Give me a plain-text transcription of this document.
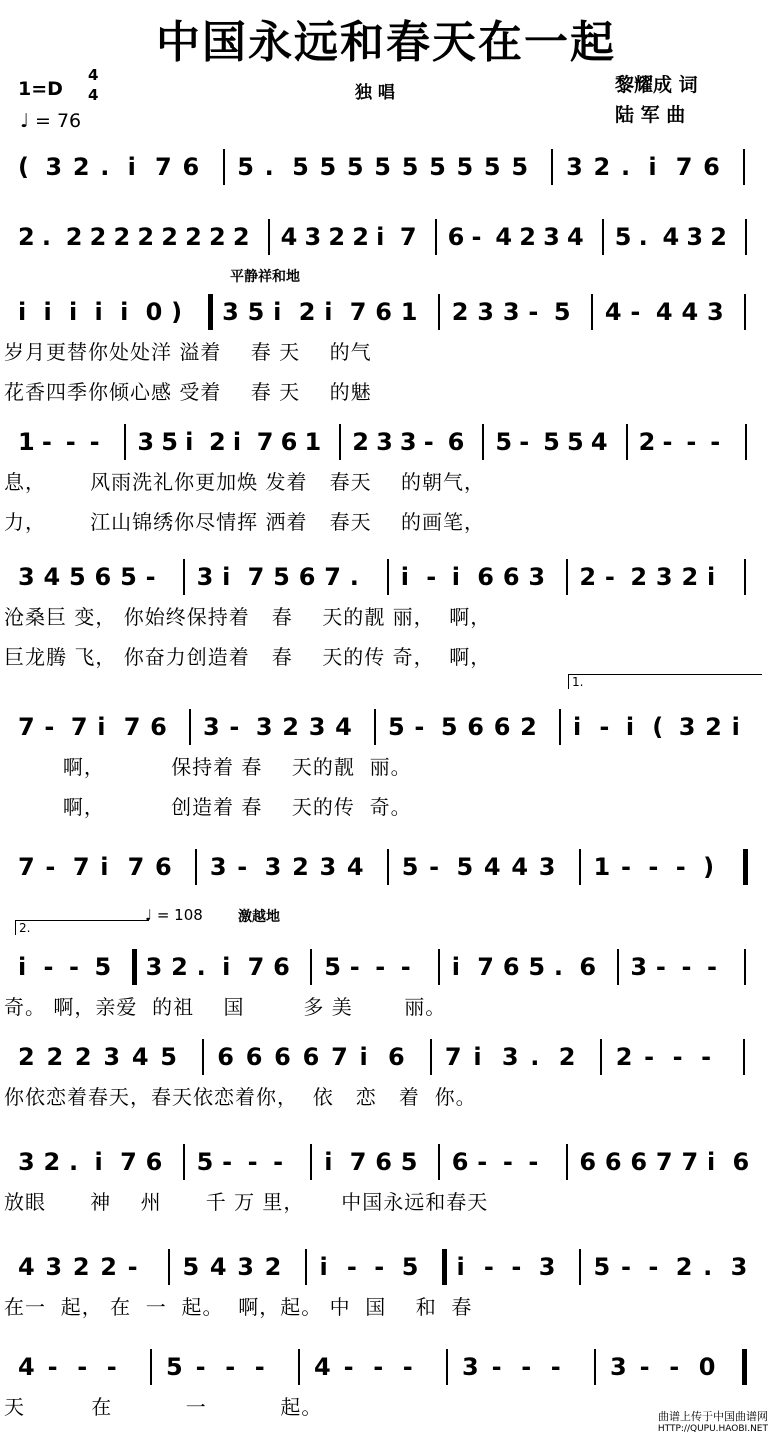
中国永远和春天在一起
1=D
4
4
♩ = 76
独 唱	黎耀成 词
陆 军 曲
平静祥和地
1.
2.
♩ = 108	激越地
( 3 2 . i 7 6 5 . 5 5 5 5 5 5 5 5 5 3 2 . i 7 6
2 . 2 2 2 2 2 2 2 2 4 3 2 2 i 7 6 - 4 2 3 4 5 . 4 3 2
i i i i i 0 ) 3 5 i 2 i 7 6 1 2 3 3 - 5 4 - 4 4 3
岁月更替你处处洋 溢着    春 天    的气
花香四季你倾心感 受着    春 天    的魅
1 - - - 3 5 i 2 i 7 6 1 2 3 3 - 6 5 - 5 5 4 2 - - -
息，      风雨洗礼你更加焕 发着   春天    的朝气，
力，      江山锦绣你尽情挥 洒着   春天    的画笔，
3 4 5 6 5 - 3 i 7 5 6 7 . i - i 6 6 3 2 - 2 3 2 i
沧桑巨 变， 你始终保持着   春    天的靓 丽，  啊，
巨龙腾 飞， 你奋力创造着   春    天的传 奇，  啊，
7 - 7 i 7 6 3 - 3 2 3 4 5 - 5 6 6 2 i - i ( 3 2 i
啊，         保持着 春    天的靓  丽。
啊，         创造着 春    天的传  奇。
7 - 7 i 7 6 3 - 3 2 3 4 5 - 5 4 4 3 1 - - - )
i - - 5 3 2 . i 7 6 5 - - - i 7 6 5 . 6 3 - - -
奇。 啊，亲爱  的祖    国        多 美       丽。
2 2 2 3 4 5 6 6 6 6 7 i 6 7 i 3 . 2 2 - - -
你依恋着春天，春天依恋着你，  依   恋   着  你。
3 2 . i 7 6 5 - - - i 7 6 5 6 - - - 6 6 6 7 7 i 6
放眼      神    州      千 万 里，     中国永远和春天
4 3 2 2 - 5 4 3 2 i - - 5 i - - 3 5 - - 2 . 3
在一  起， 在  一  起。  啊，起。 中  国    和  春
4 - - - 5 - - - 4 - - - 3 - - - 3 - - 0
天         在          一          起。	曲谱上传于中国曲谱网
HTTP://QUPU.HAOBI.NET
